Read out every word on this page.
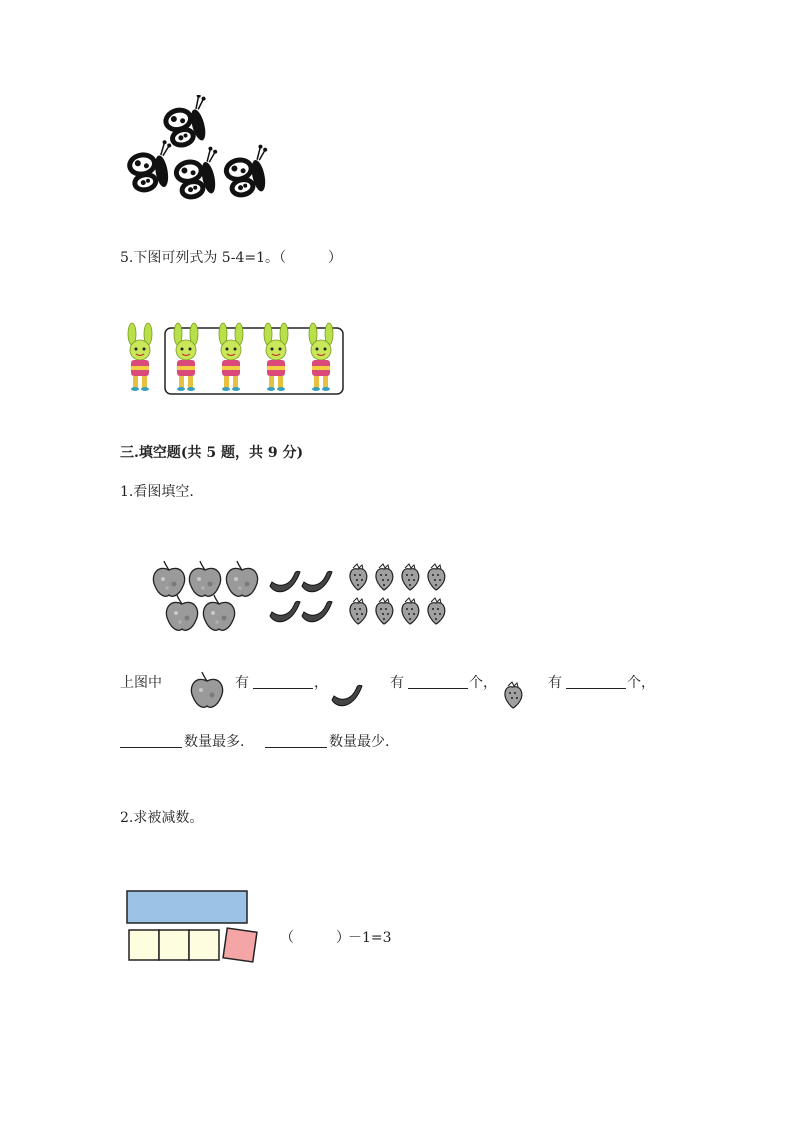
5.下图可列式为 5-4=1。（　　　）
三.填空题(共 5 题，共 9 分)
1.看图填空.
上图中	有	，	有	个，	有	个，
数量最多.	数量最少.
2.求被减数。
（　　　）
－1=3
